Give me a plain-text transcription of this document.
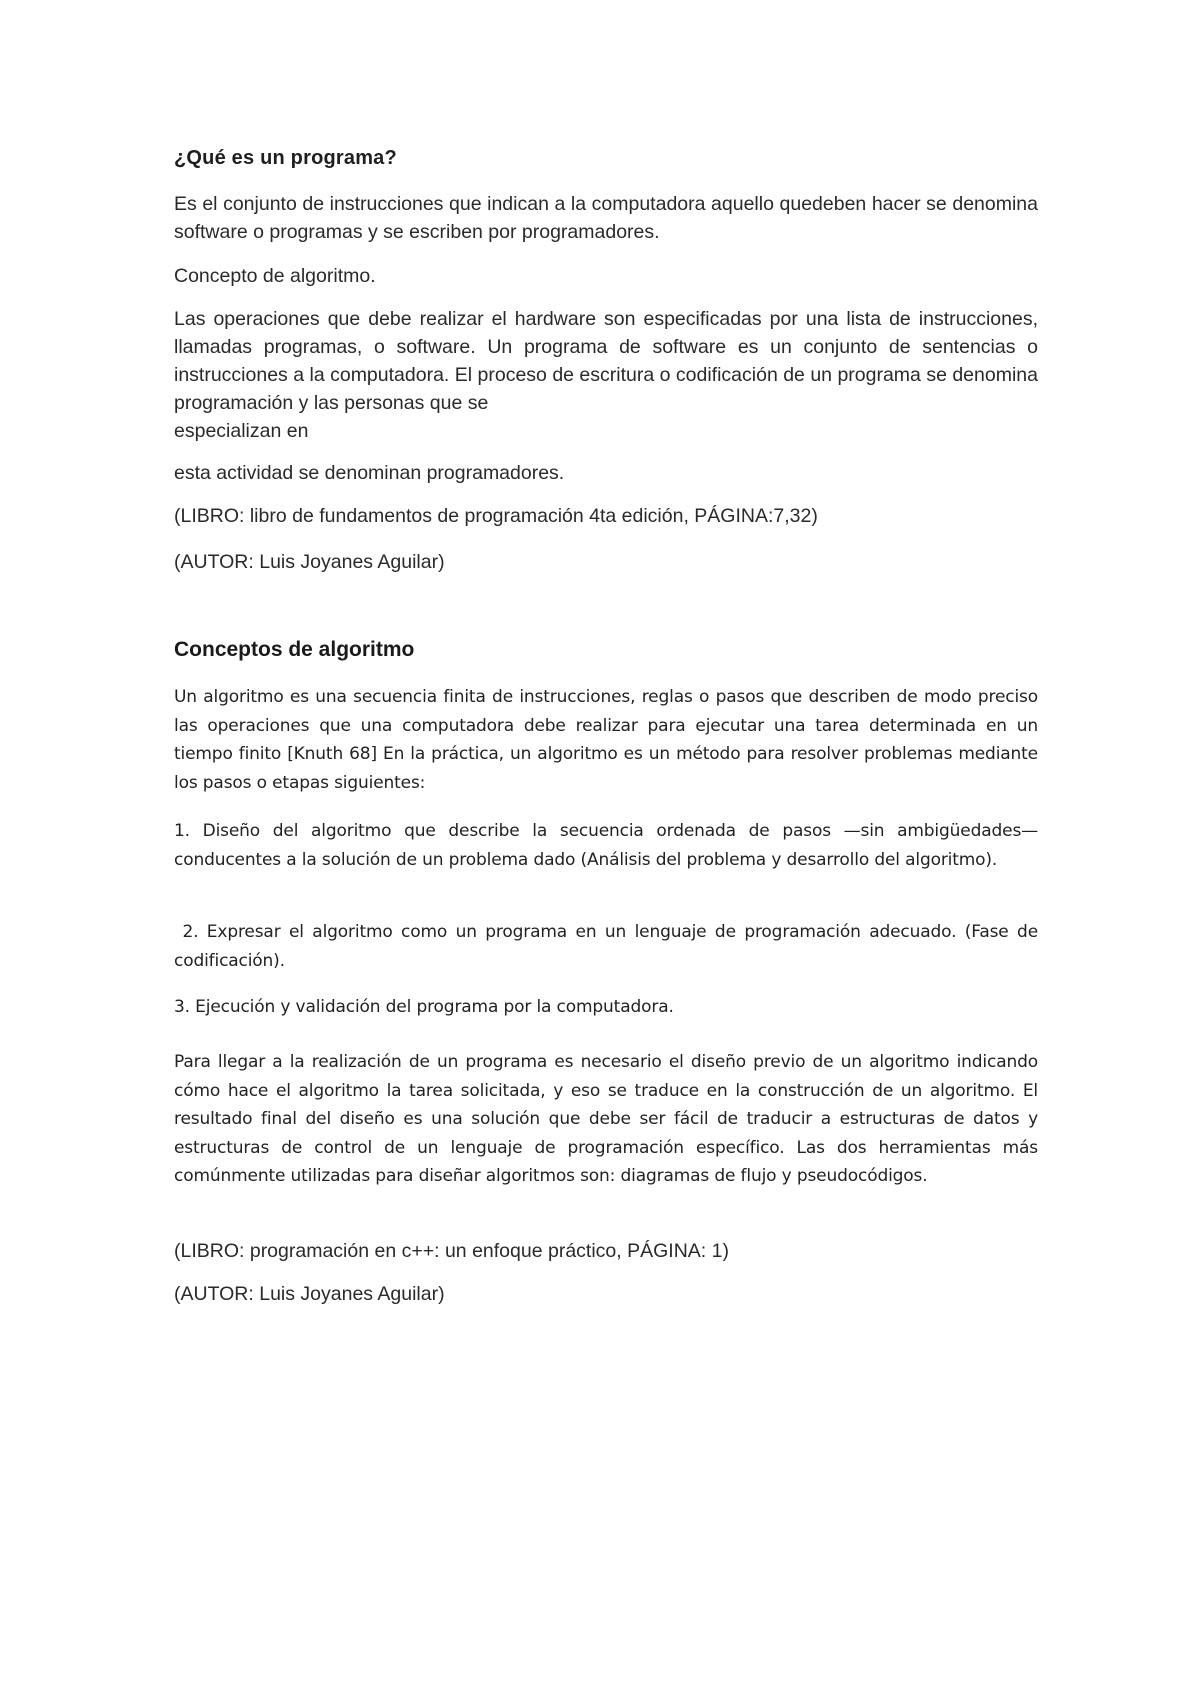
¿Qué es un programa?

Es el conjunto de instrucciones que indican a la computadora aquello quedeben hacer se denomina software o programas y se escriben por programadores.

Concepto de algoritmo.

Las operaciones que debe realizar el hardware son especificadas por una lista de instrucciones, llamadas programas, o software. Un programa de software es un conjunto de sentencias o instrucciones a la computadora. El proceso de escritura o codificación de un programa se denomina programación y las personas que se
especializan en

esta actividad se denominan programadores.

(LIBRO: libro de fundamentos de programación 4ta edición, PÁGINA:7,32)

(AUTOR: Luis Joyanes Aguilar)

Conceptos de algoritmo

Un algoritmo es una secuencia finita de instrucciones, reglas o pasos que describen de modo preciso las operaciones que una computadora debe realizar para ejecutar una tarea determinada en un tiempo finito [Knuth 68] En la práctica, un algoritmo es un método para resolver problemas mediante los pasos o etapas siguientes:

1. Diseño del algoritmo que describe la secuencia ordenada de pasos —sin ambigüedades— conducentes a la solución de un problema dado (Análisis del problema y desarrollo del algoritmo).

2. Expresar el algoritmo como un programa en un lenguaje de programación adecuado. (Fase de codificación).

3. Ejecución y validación del programa por la computadora.

Para llegar a la realización de un programa es necesario el diseño previo de un algoritmo indicando cómo hace el algoritmo la tarea solicitada, y eso se traduce en la construcción de un algoritmo. El resultado final del diseño es una solución que debe ser fácil de traducir a estructuras de datos y estructuras de control de un lenguaje de programación específico. Las dos herramientas más comúnmente utilizadas para diseñar algoritmos son: diagramas de flujo y pseudocódigos.

(LIBRO: programación en c++: un enfoque práctico, PÁGINA: 1)

(AUTOR: Luis Joyanes Aguilar)
